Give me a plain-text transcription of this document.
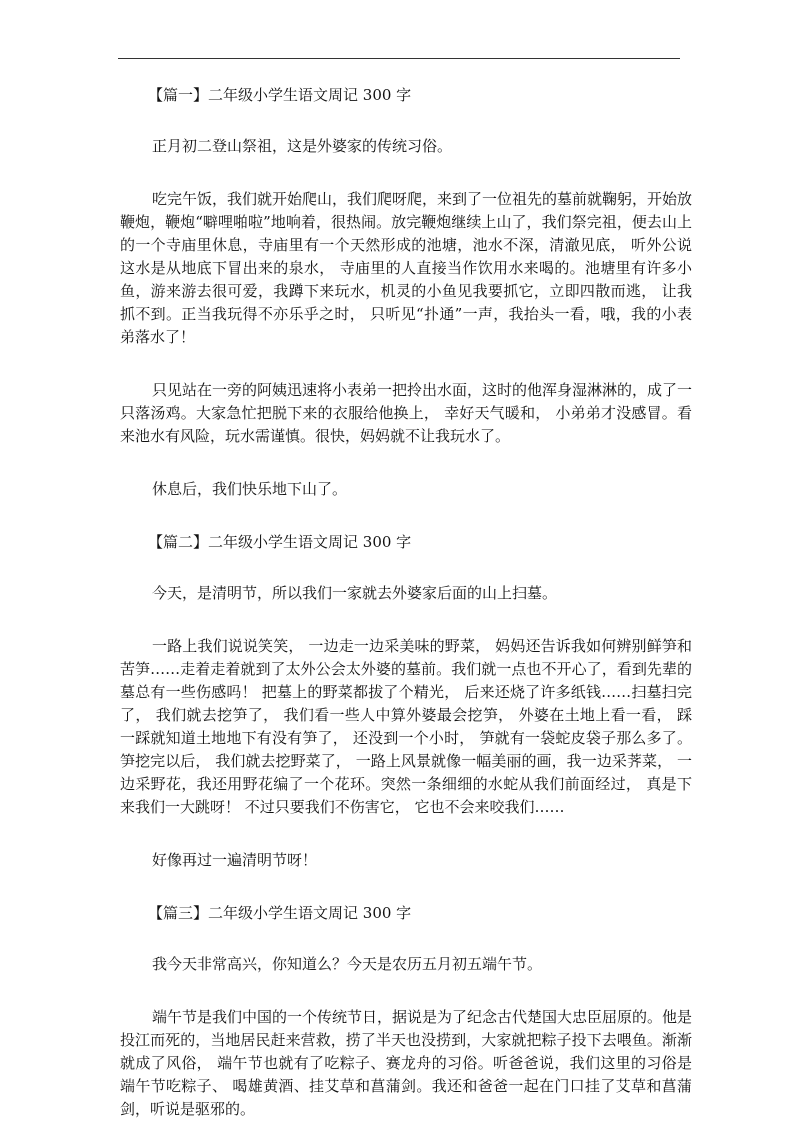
【篇一】二年级小学生语文周记 300 字

正月初二登山祭祖，这是外婆家的传统习俗。

吃完午饭，我们就开始爬山，我们爬呀爬，来到了一位祖先的墓前就鞠躬，开始放鞭炮，鞭炮“噼哩啪啦”地响着，很热闹。放完鞭炮继续上山了，我们祭完祖，便去山上的一个寺庙里休息，寺庙里有一个天然形成的池塘，池水不深，清澈见底， 听外公说这水是从地底下冒出来的泉水， 寺庙里的人直接当作饮用水来喝的。池塘里有许多小鱼，游来游去很可爱，我蹲下来玩水，机灵的小鱼见我要抓它，立即四散而逃， 让我抓不到。正当我玩得不亦乐乎之时， 只听见“扑通”一声，我抬头一看，哦，我的小表弟落水了！

只见站在一旁的阿姨迅速将小表弟一把拎出水面，这时的他浑身湿淋淋的，成了一只落汤鸡。大家急忙把脱下来的衣服给他换上， 幸好天气暖和， 小弟弟才没感冒。看来池水有风险，玩水需谨慎。很快，妈妈就不让我玩水了。

休息后，我们快乐地下山了。

【篇二】二年级小学生语文周记 300 字

今天，是清明节，所以我们一家就去外婆家后面的山上扫墓。

一路上我们说说笑笑， 一边走一边采美味的野菜， 妈妈还告诉我如何辨别鲜笋和苦笋……走着走着就到了太外公会太外婆的墓前。我们就一点也不开心了，看到先辈的墓总有一些伤感吗！ 把墓上的野菜都拔了个精光， 后来还烧了许多纸钱……扫墓扫完了， 我们就去挖笋了， 我们看一些人中算外婆最会挖笋， 外婆在土地上看一看， 踩一踩就知道土地地下有没有笋了， 还没到一个小时， 笋就有一袋蛇皮袋子那么多了。笋挖完以后， 我们就去挖野菜了， 一路上风景就像一幅美丽的画，我一边采荠菜， 一边采野花，我还用野花编了一个花环。突然一条细细的水蛇从我们前面经过， 真是下来我们一大跳呀！ 不过只要我们不伤害它， 它也不会来咬我们……

好像再过一遍清明节呀！

【篇三】二年级小学生语文周记 300 字

我今天非常高兴，你知道么？今天是农历五月初五端午节。

端午节是我们中国的一个传统节日，据说是为了纪念古代楚国大忠臣屈原的。他是投江而死的，当地居民赶来营救，捞了半天也没捞到，大家就把粽子投下去喂鱼。渐渐就成了风俗， 端午节也就有了吃粽子、赛龙舟的习俗。听爸爸说，我们这里的习俗是端午节吃粽子、 喝雄黄酒、挂艾草和菖蒲剑。我还和爸爸一起在门口挂了艾草和菖蒲剑，听说是驱邪的。
